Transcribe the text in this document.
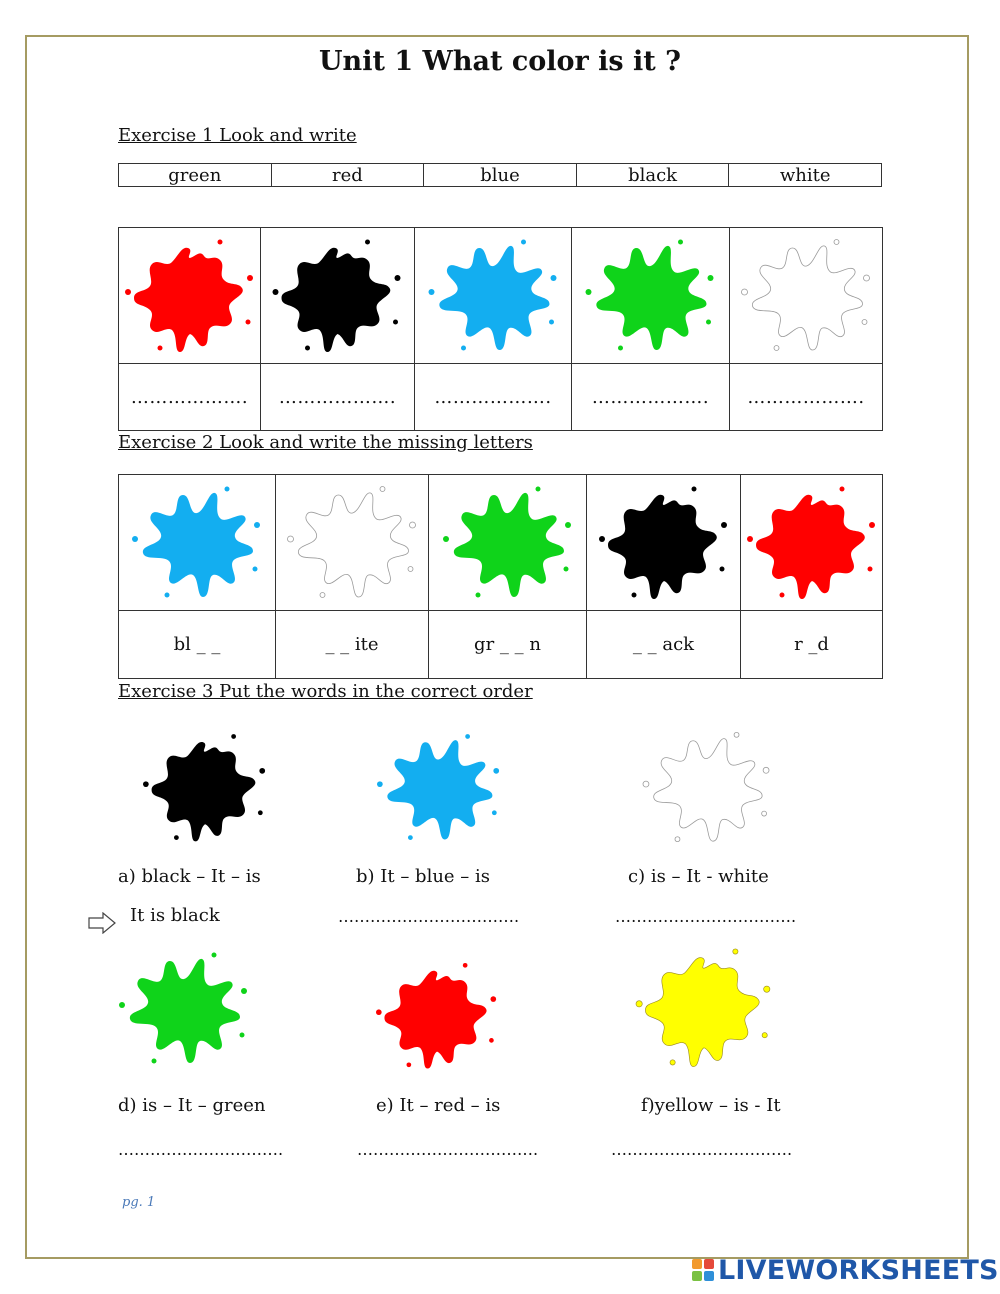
Unit 1 What color is it ?
Exercise 1 Look and write
green	red	blue	black	white

……………….	……………….	……………….	……………….	……………….
Exercise 2 Look and write the missing letters

bl _ _	_ _ ite	gr _ _ n	_ _ ack	r _d
Exercise 3 Put the words in the correct order
a) black – It – is	b) It – blue – is	c) is – It - white
It is black	…………………………….	…………………………….
d) is – It – green	e) It – red – is	f)yellow – is - It
………………………….	…………………………….	…………………………….
pg. 1
LIVEWORKSHEETS
